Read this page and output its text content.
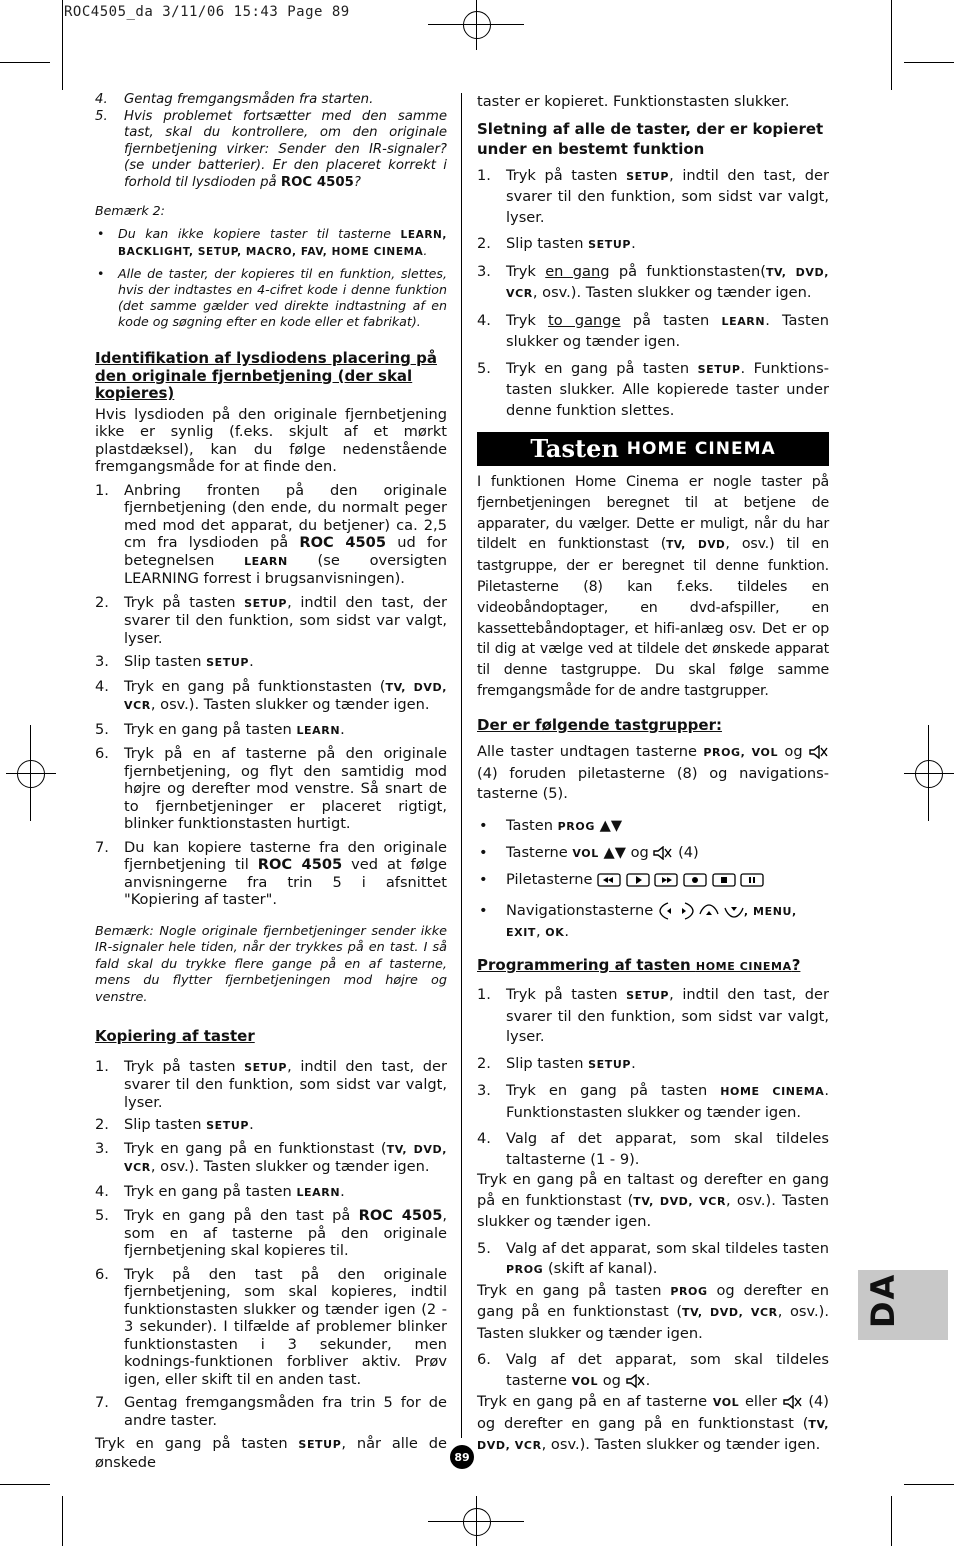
ROC4505_da 3/11/06 15:43 Page 89
4. Gentag fremgangsmåden fra starten.
5. Hvis problemet fortsætter med den samme tast, skal du kontrollere, om den originale fjernbetjening virker: Sender den IR-signaler? (se under batterier). Er den placeret korrekt i forhold til lysdioden på ROC 4505?

Bemærk 2:

• Du kan ikke kopiere taster til tasterne LEARN, BACKLIGHT, SETUP, MACRO, FAV, HOME CINEMA.
• Alle de taster, der kopieres til en funktion, slettes, hvis der indtastes en 4-cifret kode i denne funktion (det samme gælder ved direkte indtastning af en kode og søgning efter en kode eller et fabrikat).

Identifikation af lysdiodens placering på den originale fjernbetjening (der skal kopieres)

Hvis lysdioden på den originale fjernbetjening ikke er synlig (f.eks. skjult af et mørkt plastdæksel), kan du følge nedenstående fremgangsmåde for at finde den.

1. Anbring fronten på den originale fjernbetjening (den ende, du normalt peger med mod det apparat, du betjener) ca. 2,5 cm fra lysdioden på ROC 4505 ud for betegnelsen LEARN (se oversigten LEARNING forrest i brugsanvisningen).
2. Tryk på tasten SETUP, indtil den tast, der svarer til den funktion, som sidst var valgt, lyser.
3. Slip tasten SETUP.
4. Tryk en gang på funktionstasten (TV, DVD, VCR, osv.). Tasten slukker og tænder igen.
5. Tryk en gang på tasten LEARN.
6. Tryk på en af tasterne på den originale fjernbetjening, og flyt den samtidig mod højre og derefter mod venstre. Så snart de to fjernbetjeninger er placeret rigtigt, blinker funktionstasten hurtigt.
7. Du kan kopiere tasterne fra den originale fjernbetjening til ROC 4505 ved at følge anvisningerne fra trin 5 i afsnittet "Kopiering af taster".

Bemærk: Nogle originale fjernbetjeninger sender ikke IR-signaler hele tiden, når der trykkes på en tast. I så fald skal du trykke flere gange på en af tasterne, mens du flytter fjernbetjeningen mod højre og venstre.

Kopiering af taster

1. Tryk på tasten SETUP, indtil den tast, der svarer til den funktion, som sidst var valgt, lyser.
2. Slip tasten SETUP.
3. Tryk en gang på en funktionstast (TV, DVD, VCR, osv.). Tasten slukker og tænder igen.
4. Tryk en gang på tasten LEARN.
5. Tryk en gang på den tast på ROC 4505, som en af tasterne på den originale fjernbetjening skal kopieres til.
6. Tryk på den tast på den originale fjernbetjening, som skal kopieres, indtil funktionstasten slukker og tænder igen (2 - 3 sekunder). I tilfælde af problemer blinker funktionstasten i 3 sekunder, men kodnings-funktionen forbliver aktiv. Prøv igen, eller skift til en anden tast.
7. Gentag fremgangsmåden fra trin 5 for de andre taster.

Tryk en gang på tasten SETUP, når alle de ønskede

taster er kopieret. Funktionstasten slukker.

Sletning af alle de taster, der er kopieret under en bestemt funktion

1. Tryk på tasten SETUP, indtil den tast, der svarer til den funktion, som sidst var valgt, lyser.
2. Slip tasten SETUP.
3. Tryk en gang på funktionstasten(TV, DVD, VCR, osv.). Tasten slukker og tænder igen.
4. Tryk to gange på tasten LEARN. Tasten slukker og tænder igen.
5. Tryk en gang på tasten SETUP. Funktions-tasten slukker. Alle kopierede taster under denne funktion slettes.
Tasten HOME CINEMA

I funktionen Home Cinema er nogle taster på fjernbetjeningen beregnet til at betjene de apparater, du vælger. Dette er muligt, når du har tildelt en funktionstast (TV, DVD, osv.) til en tastgruppe, der er beregnet til denne funktion. Piletasterne (8) kan f.eks. tildeles en videobåndoptager, en dvd-afspiller, en kassettebåndoptager, et hifi-anlæg osv. Det er op til dig at vælge ved at tildele det ønskede apparat til denne tastgruppe. Du skal følge samme fremgangsmåde for de andre tastgrupper.

Der er følgende tastgrupper:

Alle taster undtagen tasterne PROG, VOL og  (4) foruden piletasterne (8) og navigations-tasterne (5).

• Tasten PROG ▲▼
• Tasterne VOL ▲▼ og  (4)
• Piletasterne
• Navigationstasterne	, MENU,
EXIT, OK.

Programmering af tasten HOME CINEMA?

1. Tryk på tasten SETUP, indtil den tast, der svarer til den funktion, som sidst var valgt, lyser.
2. Slip tasten SETUP.
3. Tryk en gang på tasten HOME CINEMA. Funktionstasten slukker og tænder igen.
4. Valg af det apparat, som skal tildeles taltasterne (1 - 9).

Tryk en gang på en taltast og derefter en gang på en funktionstast (TV, DVD, VCR, osv.). Tasten slukker og tænder igen.

5. Valg af det apparat, som skal tildeles tasten PROG (skift af kanal).

Tryk en gang på tasten PROG og derefter en gang på en funktionstast (TV, DVD, VCR, osv.). Tasten slukker og tænder igen.

6. Valg af det apparat, som skal tildeles tasterne VOL og .

Tryk en gang på en af tasterne VOL eller  (4) og derefter en gang på en funktionstast (TV, DVD, VCR, osv.). Tasten slukker og tænder igen.

DA
89
